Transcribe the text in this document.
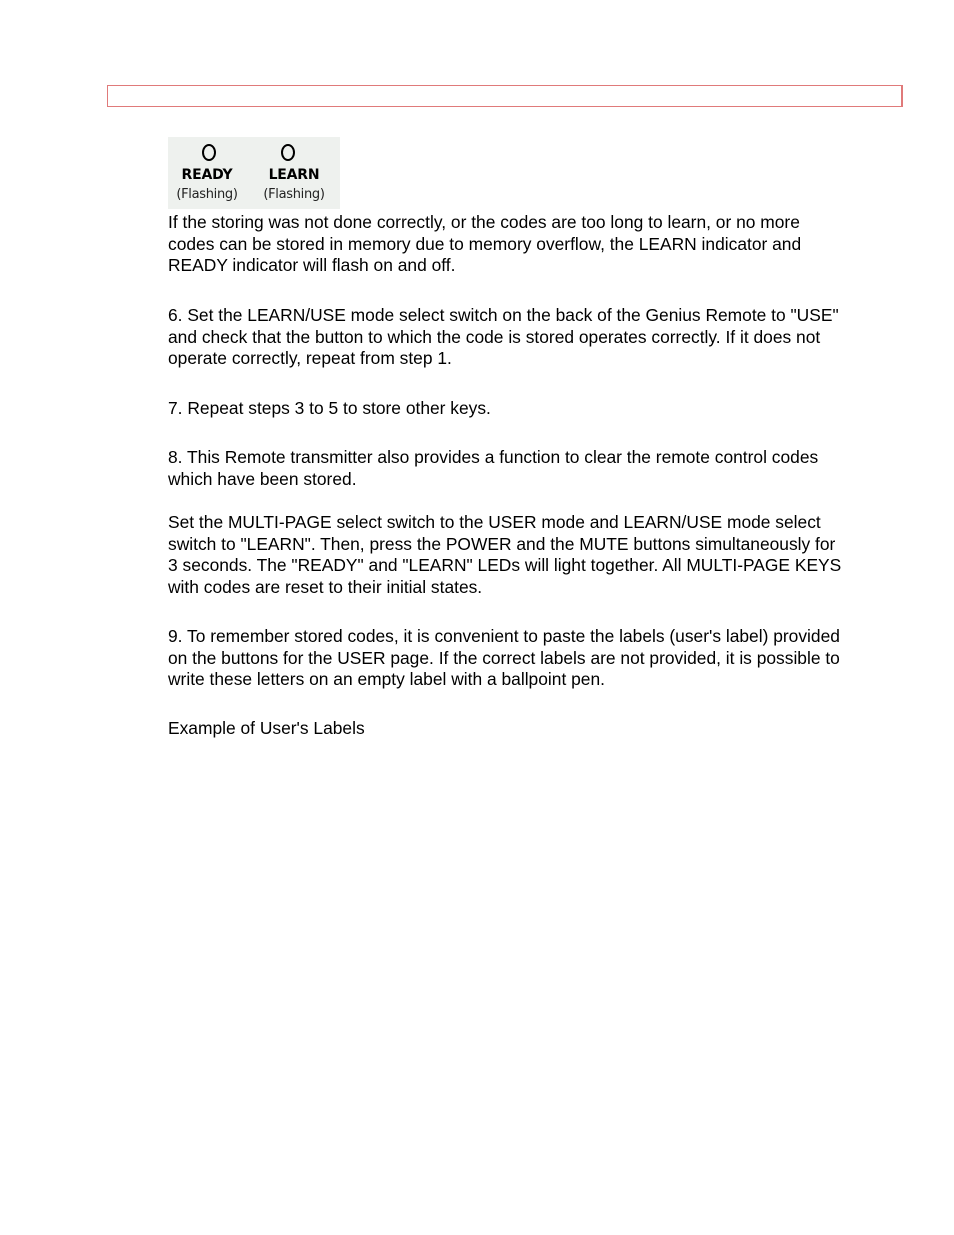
READY
(Flashing)
LEARN
(Flashing)

If the storing was not done correctly, or the codes are too long to learn, or no more
codes can be stored in memory due to memory overflow, the LEARN indicator and
READY indicator will flash on and off.

6. Set the LEARN/USE mode select switch on the back of the Genius Remote to "USE"
and check that the button to which the code is stored operates correctly. If it does not
operate correctly, repeat from step 1.

7. Repeat steps 3 to 5 to store other keys.

8. This Remote transmitter also provides a function to clear the remote control codes
which have been stored.

Set the MULTI-PAGE select switch to the USER mode and LEARN/USE mode select
switch to "LEARN". Then, press the POWER and the MUTE buttons simultaneously for
3 seconds. The "READY" and "LEARN" LEDs will light together. All MULTI-PAGE KEYS
with codes are reset to their initial states.

9. To remember stored codes, it is convenient to paste the labels (user's label) provided
on the buttons for the USER page. If the correct labels are not provided, it is possible to
write these letters on an empty label with a ballpoint pen.

Example of User's Labels
